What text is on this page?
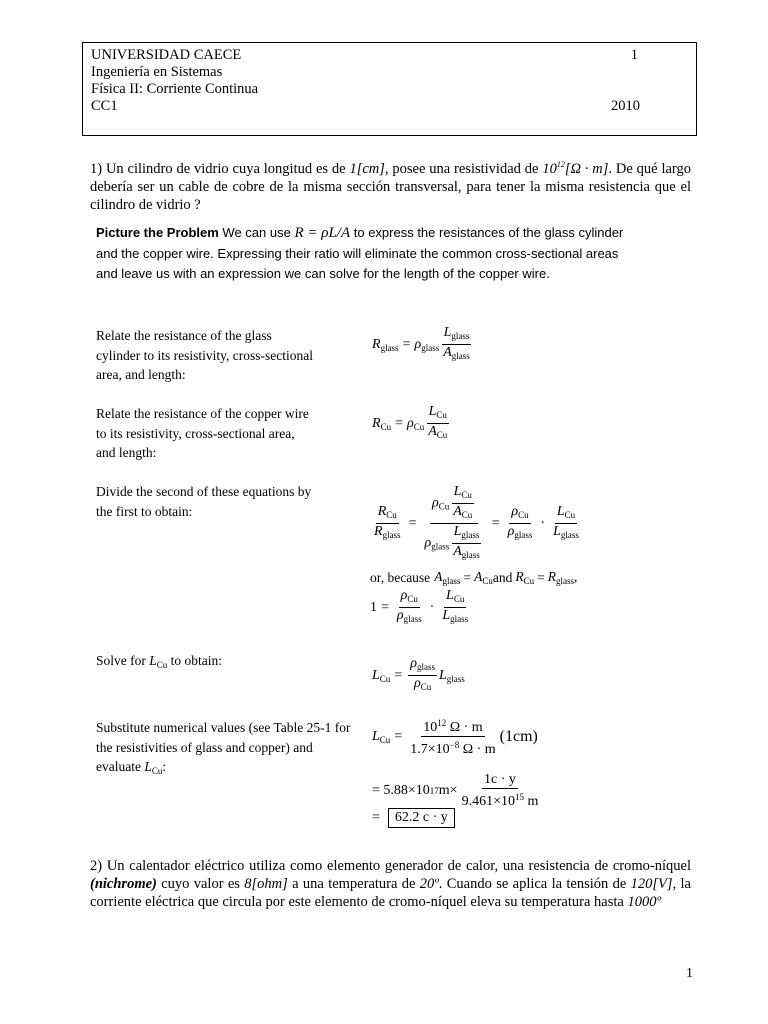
UNIVERSIDAD CAECE	1
Ingeniería en Sistemas
Física II: Corriente Continua
CC1	2010
1) Un cilindro de vidrio cuya longitud es de 1[cm], posee una resistividad de $10^{12}[\Omega \cdot m]$. De qué largo debería ser un cable de cobre de la misma sección transversal, para tener la misma resistencia que el cilindro de vidrio ?
Picture the Problem We can use R = ρL/A to express the resistances of the glass cylinder and the copper wire. Expressing their ratio will eliminate the common cross-sectional areas and leave us with an expression we can solve for the length of the copper wire.
Relate the resistance of the glass cylinder to its resistivity, cross-sectional area, and length:
$R_{glass} = \rho_{glass} \frac{L_{glass}}{A_{glass}}$
Relate the resistance of the copper wire to its resistivity, cross-sectional area, and length:
$R_{Cu} = \rho_{Cu} \frac{L_{Cu}}{A_{Cu}}$
Divide the second of these equations by the first to obtain:	$\frac{R_{Cu}}{R_{glass}} = \frac{\rho_{Cu} \frac{L_{Cu}}{A_{Cu}}}{\rho_{glass} \frac{L_{glass}}{A_{glass}}} = \frac{\rho_{Cu}}{\rho_{glass}} \cdot \frac{L_{Cu}}{L_{glass}}$
or, because $A_{glass} = A_{Cu}$ and $R_{Cu} = R_{glass}$,
$1 = \frac{\rho_{Cu}}{\rho_{glass}} \cdot \frac{L_{Cu}}{L_{glass}}$
Solve for $L_{Cu}$ to obtain:
$L_{Cu} = \frac{\rho_{glass}}{\rho_{Cu}} L_{glass}$
Substitute numerical values (see Table 25-1 for the resistivities of glass and copper) and evaluate $L_{Cu}$:
$L_{Cu} = \frac{10^{12} \Omega \cdot m}{1.7\times 10^{-8} \Omega \cdot m} (1cm)$
= 5.88×10 17 $m\times \frac{1c \cdot y}{9.461\times 10^{15} m}$
=	62.2 c · y
2) Un calentador eléctrico utiliza como elemento generador de calor, una resistencia de cromo-níquel (nichrome) cuyo valor es 8[ohm] a una temperatura de 20º. Cuando se aplica la tensión de 120[V], la corriente eléctrica que circula por este elemento de cromo-níquel eleva su temperatura hasta 1000º
1
